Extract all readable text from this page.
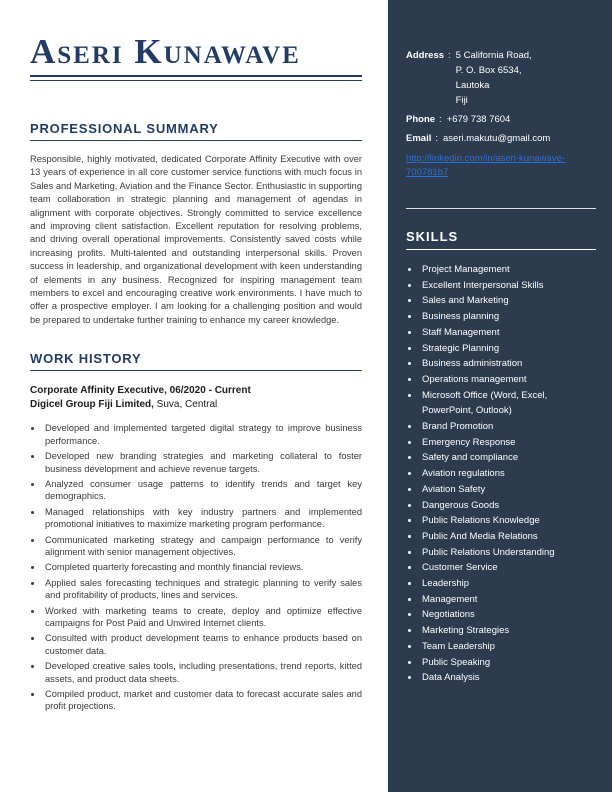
Aseri Kunawave
PROFESSIONAL SUMMARY

Responsible, highly motivated, dedicated Corporate Affinity Executive with over 13 years of experience in all core customer service functions with much focus in Sales and Marketing, Aviation and the Finance Sector. Enthusiastic in supporting team collaboration in strategic planning and management of agendas in alignment with corporate objectives. Strongly committed to service excellence and improving client satisfaction. Excellent reputation for resolving problems, and driving overall operational improvements. Consistently saved costs while increasing profits. Multi-talented and outstanding interpersonal skills. Proven success in leadership, and organizational development with keen understanding of elements in any business. Recognized for inspiring management team members to excel and encouraging creative work environments. I have much to offer a prospective employer. I am looking for a challenging position and would be prepared to undertake further training to enhance my career knowledge.

WORK HISTORY
Corporate Affinity Executive, 06/2020 - Current
Digicel Group Fiji Limited, Suva, Central
• Developed and implemented targeted digital strategy to improve business performance.
• Developed new branding strategies and marketing collateral to foster business development and achieve revenue targets.
• Analyzed consumer usage patterns to identify trends and target key demographics.
• Managed relationships with key industry partners and implemented promotional initiatives to maximize marketing program performance.
• Communicated marketing strategy and campaign performance to verify alignment with senior management objectives.
• Completed quarterly forecasting and monthly financial reviews.
• Applied sales forecasting techniques and strategic planning to verify sales and profitability of products, lines and services.
• Worked with marketing teams to create, deploy and optimize effective campaigns for Post Paid and Unwired Internet clients.
• Consulted with product development teams to enhance products based on customer data.
• Developed creative sales tools, including presentations, trend reports, kitted assets, and product data sheets.
• Compiled product, market and customer data to forecast accurate sales and profit projections.
Address : 5 California Road,
P. O. Box 6534,
Lautoka
Fiji
Phone : +679 738 7604
Email : aseri.makutu@gmail.com
http://linkedin.com/in/aseri-kunawave-700781b7
SKILLS
• Project Management
• Excellent Interpersonal Skills
• Sales and Marketing
• Business planning
• Staff Management
• Strategic Planning
• Business administration
• Operations management
• Microsoft Office (Word, Excel, PowerPoint, Outlook)
• Brand Promotion
• Emergency Response
• Safety and compliance
• Aviation regulations
• Aviation Safety
• Dangerous Goods
• Public Relations Knowledge
• Public And Media Relations
• Public Relations Understanding
• Customer Service
• Leadership
• Management
• Negotiations
• Marketing Strategies
• Team Leadership
• Public Speaking
• Data Analysis
